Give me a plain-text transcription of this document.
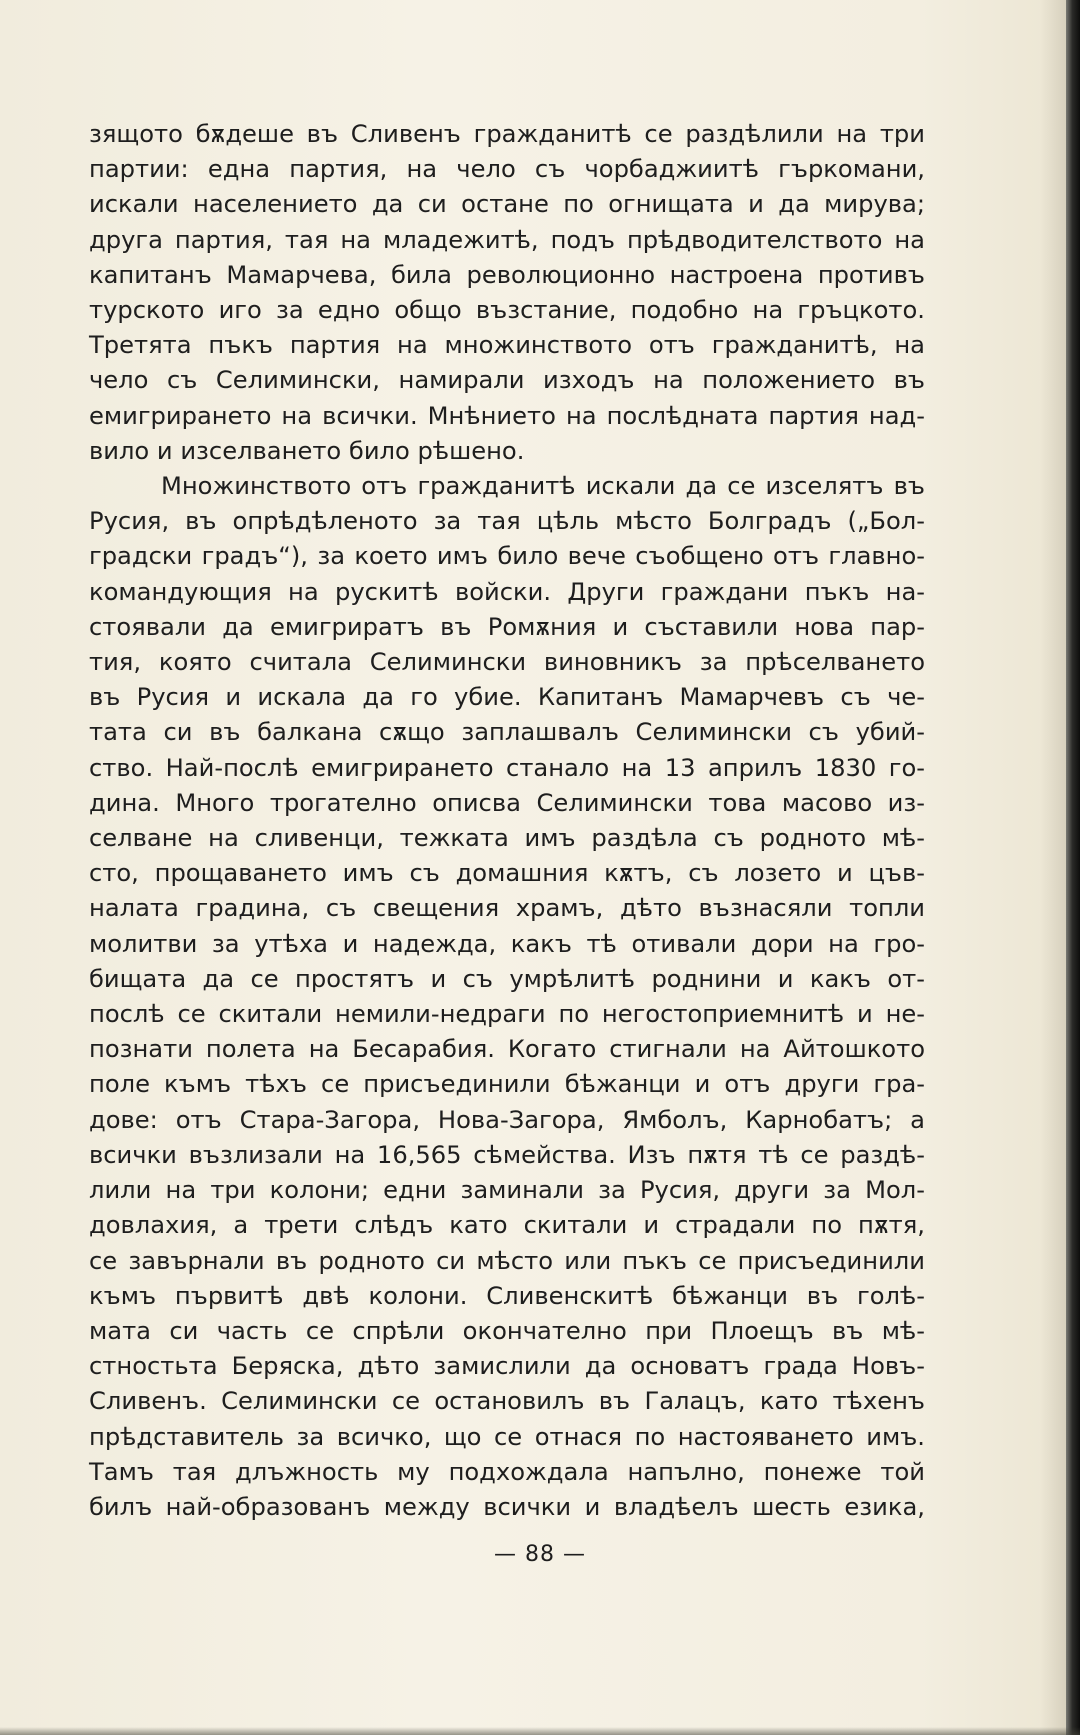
зящото бѫдеше въ Сливенъ гражданитѣ се раздѣлили на три
партии: една партия, на чело съ чорбаджиитѣ гъркомани,
искали населението да си остане по огнищата и да мирува;
друга партия, тая на младежитѣ, подъ прѣдводителството на
капитанъ Мамарчева, била революционно настроена противъ
турското иго за едно общо възстание, подобно на гръцкото.
Третята пъкъ партия на множинството отъ гражданитѣ, на
чело съ Селимински, намирали изходъ на положението въ
емигрирането на всички. Мнѣнието на послѣдната партия над-
вило и изселването било рѣшено.

Множинството отъ гражданитѣ искали да се изселятъ въ
Русия, въ опрѣдѣленото за тая цѣль мѣсто Болградъ („Бол-
градски градъ“), за което имъ било вече съобщено отъ главно-
командующия на рускитѣ войски. Други граждани пъкъ на-
стоявали да емигриратъ въ Ромѫния и съставили нова пар-
тия, която считала Селимински виновникъ за прѣселването
въ Русия и искала да го убие. Капитанъ Мамарчевъ съ че-
тата си въ балкана сѫщо заплашвалъ Селимински съ убий-
ство. Най-послѣ емигрирането станало на 13 априлъ 1830 го-
дина. Много трогателно описва Селимински това масово из-
селване на сливенци, тежката имъ раздѣла съ родното мѣ-
сто, прощаването имъ съ домашния кѫтъ, съ лозето и цъв-
налата градина, съ свещения храмъ, дѣто възнасяли топли
молитви за утѣха и надежда, какъ тѣ отивали дори на гро-
бищата да се простятъ и съ умрѣлитѣ роднини и какъ от-
послѣ се скитали немили-недраги по негостоприемнитѣ и не-
познати полета на Бесарабия. Когато стигнали на Айтошкото
поле къмъ тѣхъ се присъединили бѣжанци и отъ други гра-
дове: отъ Стара-Загора, Нова-Загора, Ямболъ, Карнобатъ; а
всички възлизали на 16,565 сѣмейства. Изъ пѫтя тѣ се раздѣ-
лили на три колони; едни заминали за Русия, други за Мол-
довлахия, а трети слѣдъ като скитали и страдали по пѫтя,
се завърнали въ родното си мѣсто или пъкъ се присъединили
къмъ първитѣ двѣ колони. Сливенскитѣ бѣжанци въ голѣ-
мата си часть се спрѣли окончателно при Плоещъ въ мѣ-
стностьта Беряска, дѣто замислили да основатъ града Новъ-
Сливенъ. Селимински се остановилъ въ Галацъ, като тѣхенъ
прѣдставитель за всичко, що се отнася по настояването имъ.
Тамъ тая длъжность му подхождала напълно, понеже той
билъ най-образованъ между всички и владѣелъ шесть езика,

— 88 —
